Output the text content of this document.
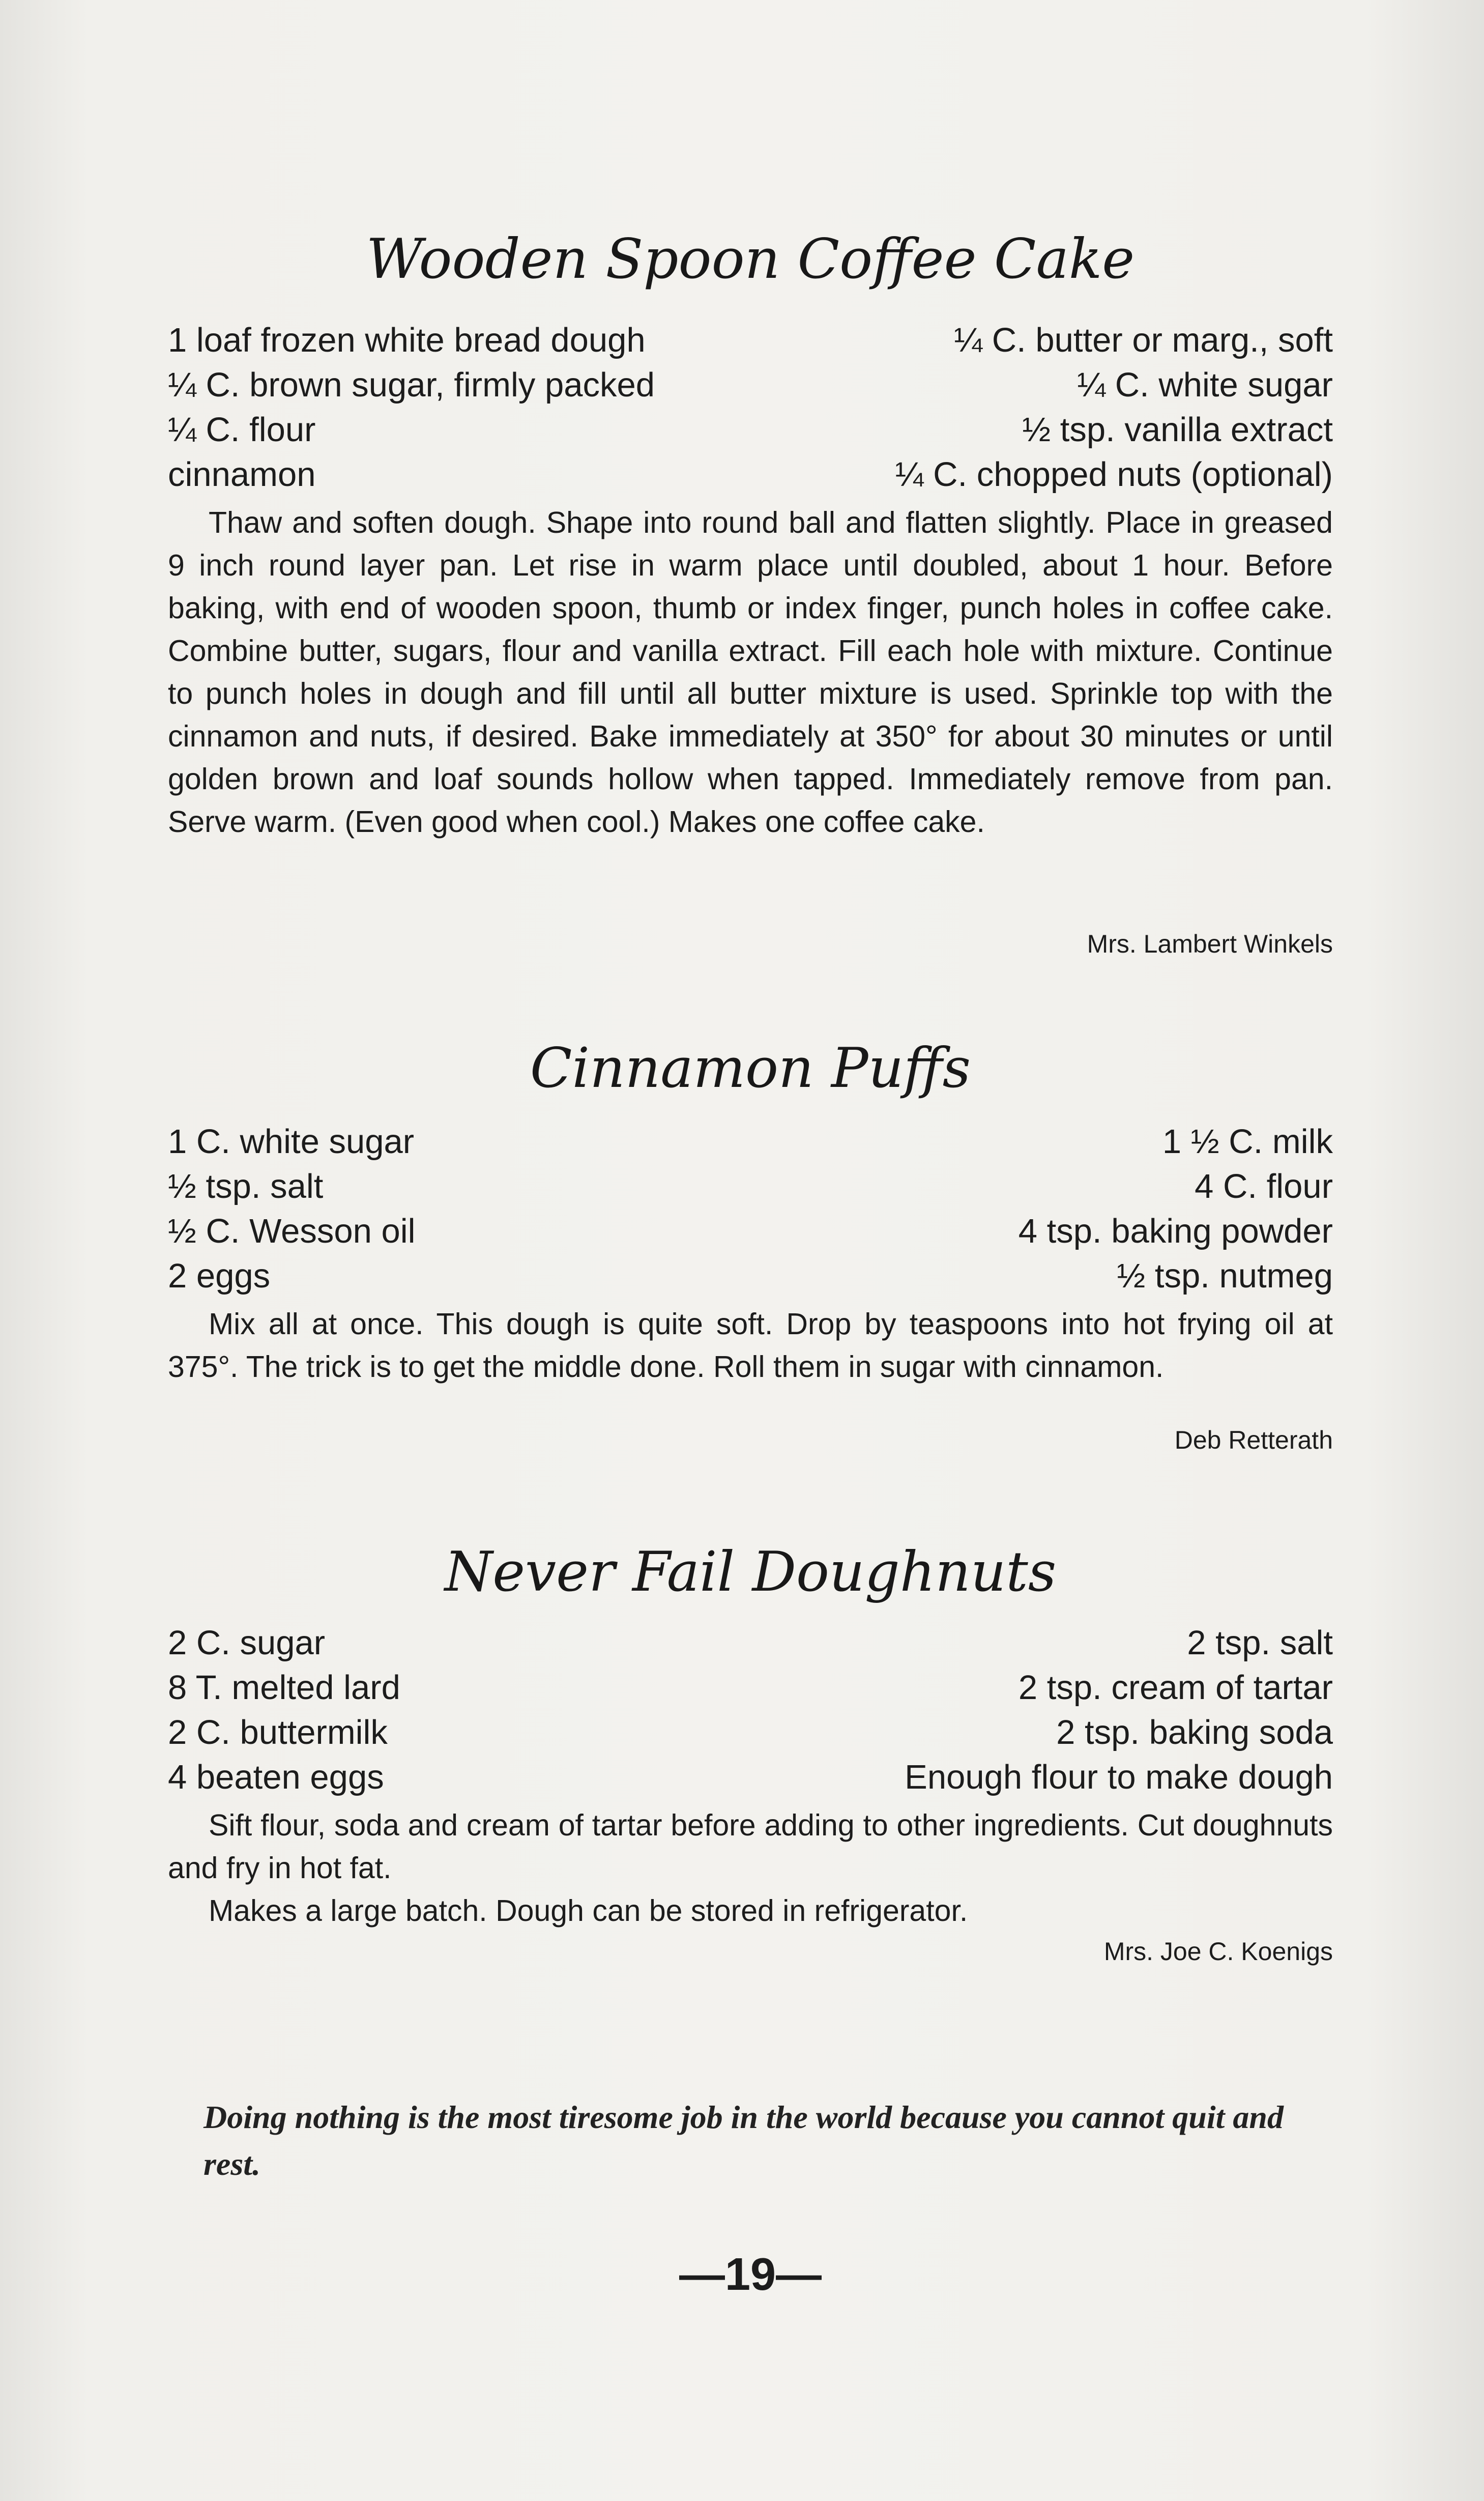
Wooden Spoon Coffee Cake
1 loaf frozen white bread dough	¼ C. butter or marg., soft
¼ C. brown sugar, firmly packed	¼ C. white sugar
¼ C. flour	½ tsp. vanilla extract
cinnamon	¼ C. chopped nuts (optional)

Thaw and soften dough. Shape into round ball and flatten slightly. Place in greased 9 inch round layer pan. Let rise in warm place until doubled, about 1 hour. Before baking, with end of wooden spoon, thumb or index finger, punch holes in coffee cake. Combine butter, sugars, flour and vanilla extract. Fill each hole with mixture. Continue to punch holes in dough and fill until all butter mixture is used. Sprinkle top with the cinnamon and nuts, if desired. Bake immediately at 350° for about 30 minutes or until golden brown and loaf sounds hollow when tapped. Immediately remove from pan. Serve warm. (Even good when cool.) Makes one coffee cake.

Mrs. Lambert Winkels
Cinnamon Puffs
1 C. white sugar	1 ½ C. milk
½ tsp. salt	4 C. flour
½ C. Wesson oil	4 tsp. baking powder
2 eggs	½ tsp. nutmeg

Mix all at once. This dough is quite soft. Drop by teaspoons into hot frying oil at 375°. The trick is to get the middle done. Roll them in sugar with cinnamon.

Deb Retterath
Never Fail Doughnuts
2 C. sugar	2 tsp. salt
8 T. melted lard	2 tsp. cream of tartar
2 C. buttermilk	2 tsp. baking soda
4 beaten eggs	Enough flour to make dough

Sift flour, soda and cream of tartar before adding to other ingredients. Cut doughnuts and fry in hot fat.

Makes a large batch. Dough can be stored in refrigerator.

Mrs. Joe C. Koenigs

Doing nothing is the most tiresome job in the world because you cannot quit and rest.

—19—
